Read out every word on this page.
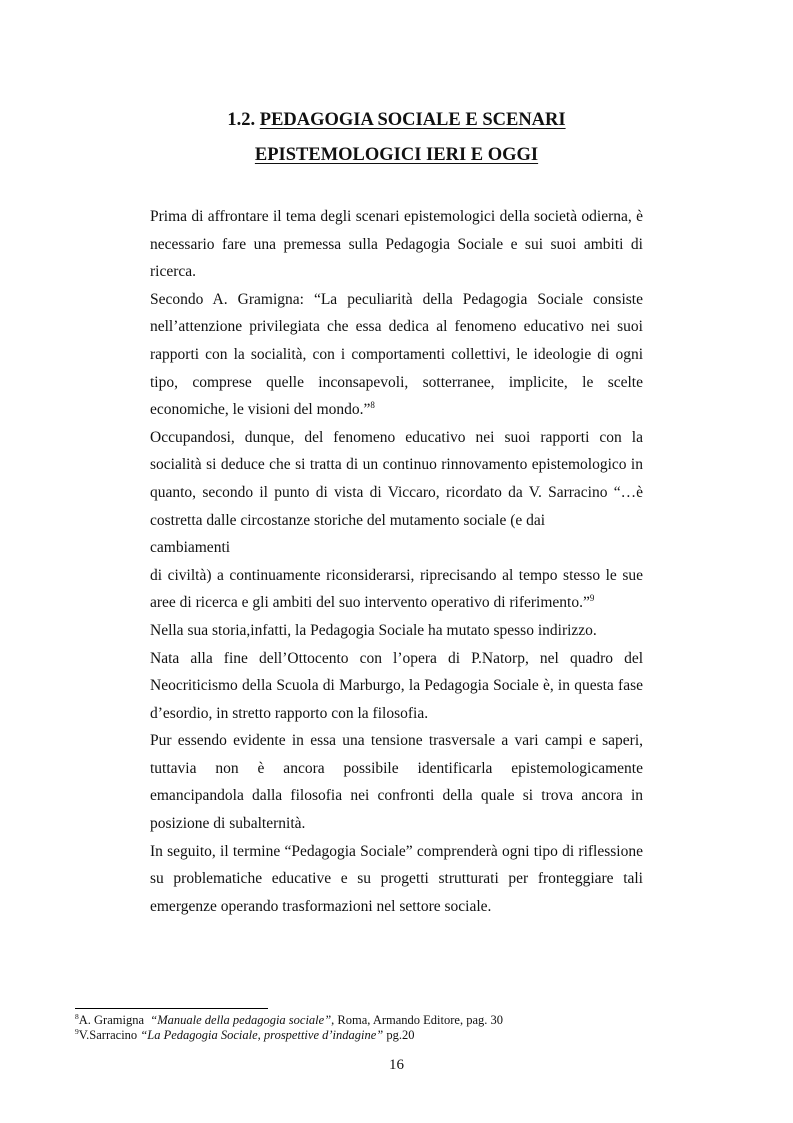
1.2. PEDAGOGIA SOCIALE E SCENARI
EPISTEMOLOGICI IERI E OGGI

Prima di affrontare il tema degli scenari epistemologici della società odierna, è necessario fare una premessa sulla Pedagogia Sociale e sui suoi ambiti di ricerca.

Secondo A. Gramigna: “La peculiarità della Pedagogia Sociale consiste nell’attenzione privilegiata che essa dedica al fenomeno educativo nei suoi rapporti con la socialità, con i comportamenti collettivi, le ideologie di ogni tipo, comprese quelle inconsapevoli, sotterranee, implicite, le scelte economiche, le visioni del mondo.”$^8$

Occupandosi, dunque, del fenomeno educativo nei suoi rapporti con la socialità si deduce che si tratta di un continuo rinnovamento epistemologico in quanto, secondo il punto di vista di Viccaro, ricordato da V. Sarracino “…è costretta dalle circostanze storiche del mutamento sociale (e dai
cambiamenti
di civiltà) a continuamente riconsiderarsi, riprecisando al tempo stesso le sue aree di ricerca e gli ambiti del suo intervento operativo di riferimento.”$^9$

Nella sua storia,infatti, la Pedagogia Sociale ha mutato spesso indirizzo.

Nata alla fine dell’Ottocento con l’opera di P.Natorp, nel quadro del Neocriticismo della Scuola di Marburgo, la Pedagogia Sociale è, in questa fase d’esordio, in stretto rapporto con la filosofia.

Pur essendo evidente in essa una tensione trasversale a vari campi e saperi, tuttavia non è ancora possibile identificarla epistemologicamente emancipandola dalla filosofia nei confronti della quale si trova ancora in posizione di subalternità.

In seguito, il termine “Pedagogia Sociale” comprenderà ogni tipo di riflessione su problematiche educative e su progetti strutturati per fronteggiare tali emergenze operando trasformazioni nel settore sociale.

$^8$A. Gramigna “Manuale della pedagogia sociale”, Roma, Armando Editore, pag. 30
$^9$V.Sarracino “La Pedagogia Sociale, prospettive d’indagine” pg.20
16
